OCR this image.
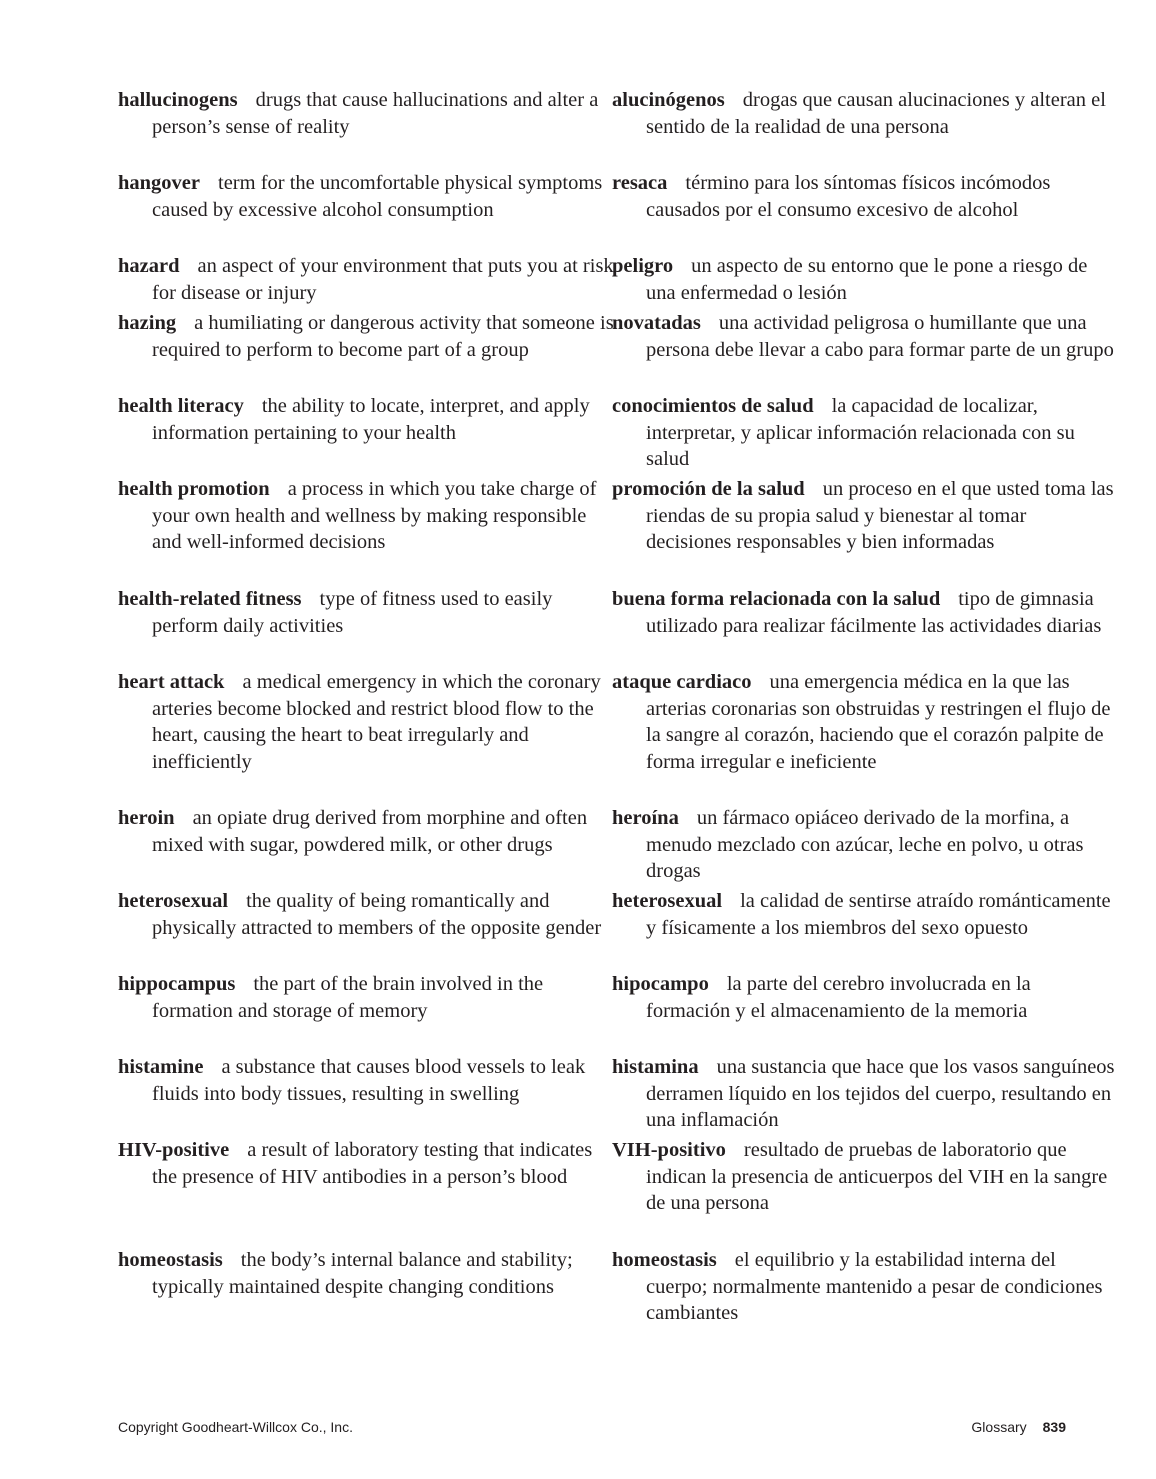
hallucinogens drugs that cause hallucinations and alter a person’s sense of reality
alucinógenos drogas que causan alucinaciones y alteran el sentido de la realidad de una persona
hangover term for the uncomfortable physical symptoms caused by excessive alcohol consumption
resaca término para los síntomas físicos incómodos causados por el consumo excesivo de alcohol
hazard an aspect of your environment that puts you at risk for disease or injury
peligro un aspecto de su entorno que le pone a riesgo de una enfermedad o lesión
hazing a humiliating or dangerous activity that someone is required to perform to become part of a group
novatadas una actividad peligrosa o humillante que una persona debe llevar a cabo para formar parte de un grupo
health literacy the ability to locate, interpret, and apply information pertaining to your health
conocimientos de salud la capacidad de localizar, interpretar, y aplicar información relacionada con su salud
health promotion a process in which you take charge of your own health and wellness by making responsible and well-informed decisions
promoción de la salud un proceso en el que usted toma las riendas de su propia salud y bienestar al tomar decisiones responsables y bien informadas
health-related fitness type of fitness used to easily perform daily activities
buena forma relacionada con la salud tipo de gimnasia utilizado para realizar fácilmente las actividades diarias
heart attack a medical emergency in which the coronary arteries become blocked and restrict blood flow to the heart, causing the heart to beat irregularly and inefficiently
ataque cardiaco una emergencia médica en la que las arterias coronarias son obstruidas y restringen el flujo de la sangre al corazón, haciendo que el corazón palpite de forma irregular e ineficiente
heroin an opiate drug derived from morphine and often mixed with sugar, powdered milk, or other drugs
heroína un fármaco opiáceo derivado de la morfina, a menudo mezclado con azúcar, leche en polvo, u otras drogas
heterosexual the quality of being romantically and physically attracted to members of the opposite gender
heterosexual la calidad de sentirse atraído románticamente y físicamente a los miembros del sexo opuesto
hippocampus the part of the brain involved in the formation and storage of memory
hipocampo la parte del cerebro involucrada en la formación y el almacenamiento de la memoria
histamine a substance that causes blood vessels to leak fluids into body tissues, resulting in swelling
histamina una sustancia que hace que los vasos sanguíneos derramen líquido en los tejidos del cuerpo, resultando en una inflamación
HIV-positive a result of laboratory testing that indicates the presence of HIV antibodies in a person’s blood
VIH-positivo resultado de pruebas de laboratorio que indican la presencia de anticuerpos del VIH en la sangre de una persona
homeostasis the body’s internal balance and stability; typically maintained despite changing conditions
homeostasis el equilibrio y la estabilidad interna del cuerpo; normalmente mantenido a pesar de condiciones cambiantes
Copyright Goodheart-Willcox Co., Inc.	Glossary 839
